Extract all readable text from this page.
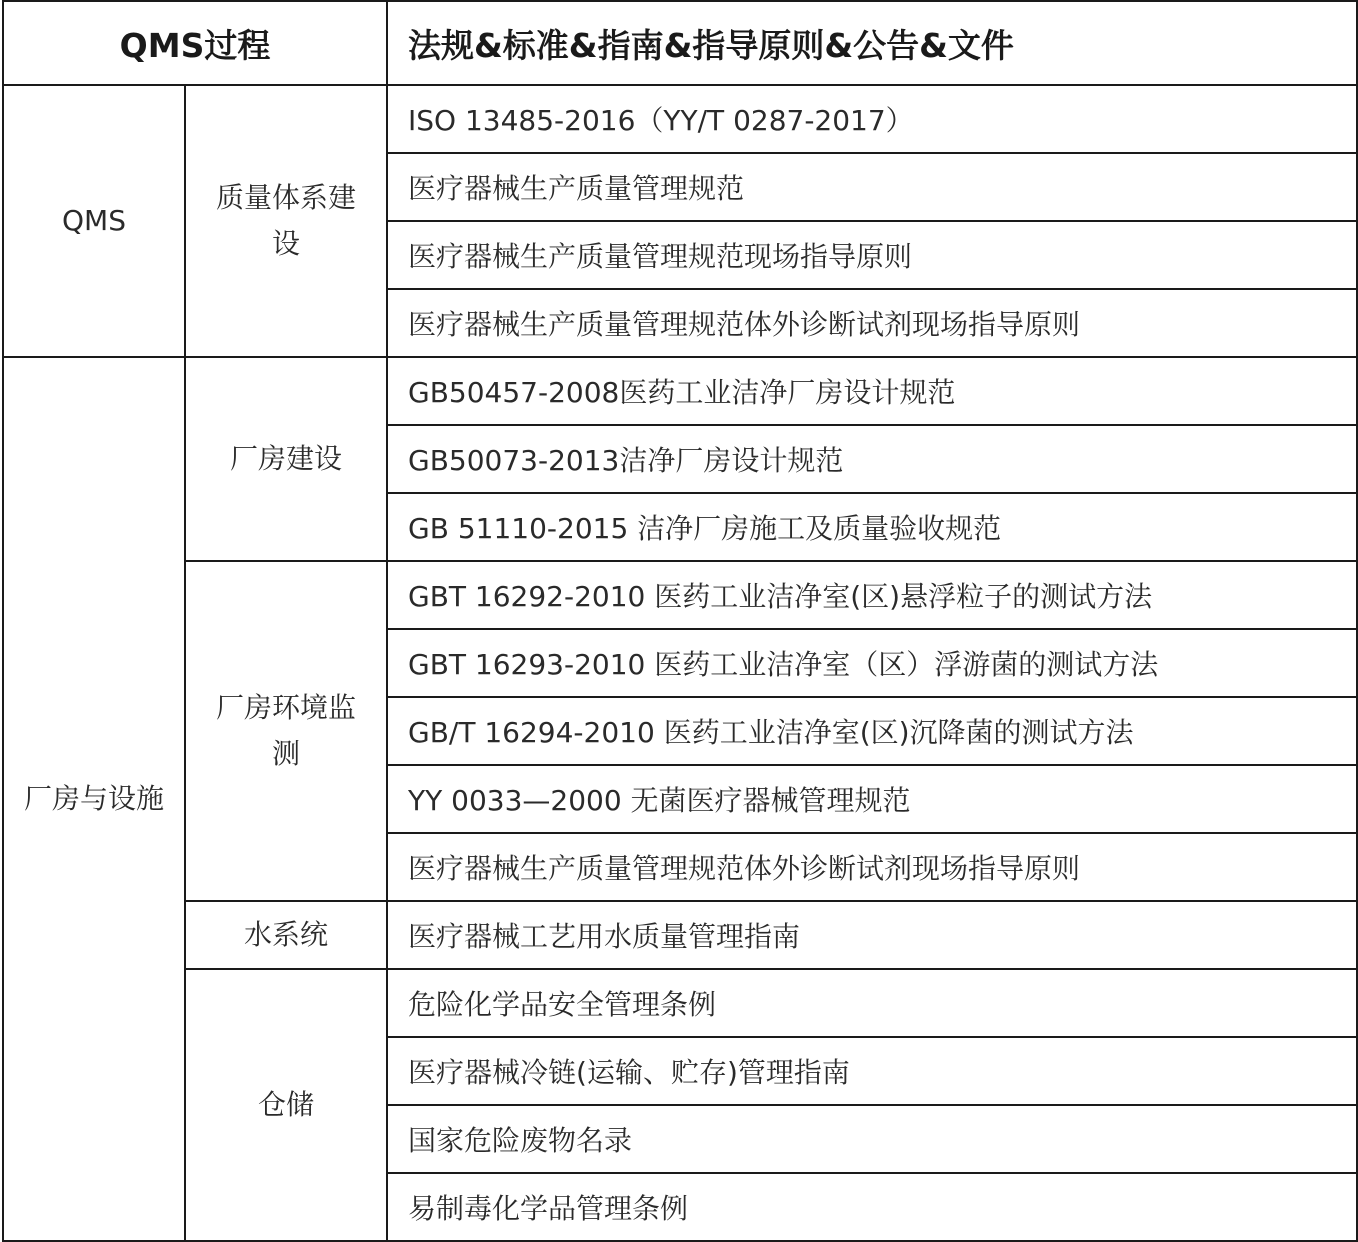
QMS过程		法规&标准&指南&指导原则&公告&文件
QMS	质量体系建设	ISO 13485-2016（YY/T 0287-2017）
		医疗器械生产质量管理规范
		医疗器械生产质量管理规范现场指导原则
		医疗器械生产质量管理规范体外诊断试剂现场指导原则
厂房与设施	厂房建设	GB50457-2008医药工业洁净厂房设计规范
		GB50073-2013洁净厂房设计规范
		GB 51110-2015 洁净厂房施工及质量验收规范
	厂房环境监测	GBT 16292-2010 医药工业洁净室(区)悬浮粒子的测试方法
		GBT 16293-2010 医药工业洁净室（区）浮游菌的测试方法
		GB/T 16294-2010 医药工业洁净室(区)沉降菌的测试方法
		YY 0033—2000 无菌医疗器械管理规范
		医疗器械生产质量管理规范体外诊断试剂现场指导原则
	水系统	医疗器械工艺用水质量管理指南
	仓储	危险化学品安全管理条例
		医疗器械冷链(运输、贮存)管理指南
		国家危险废物名录
		易制毒化学品管理条例
